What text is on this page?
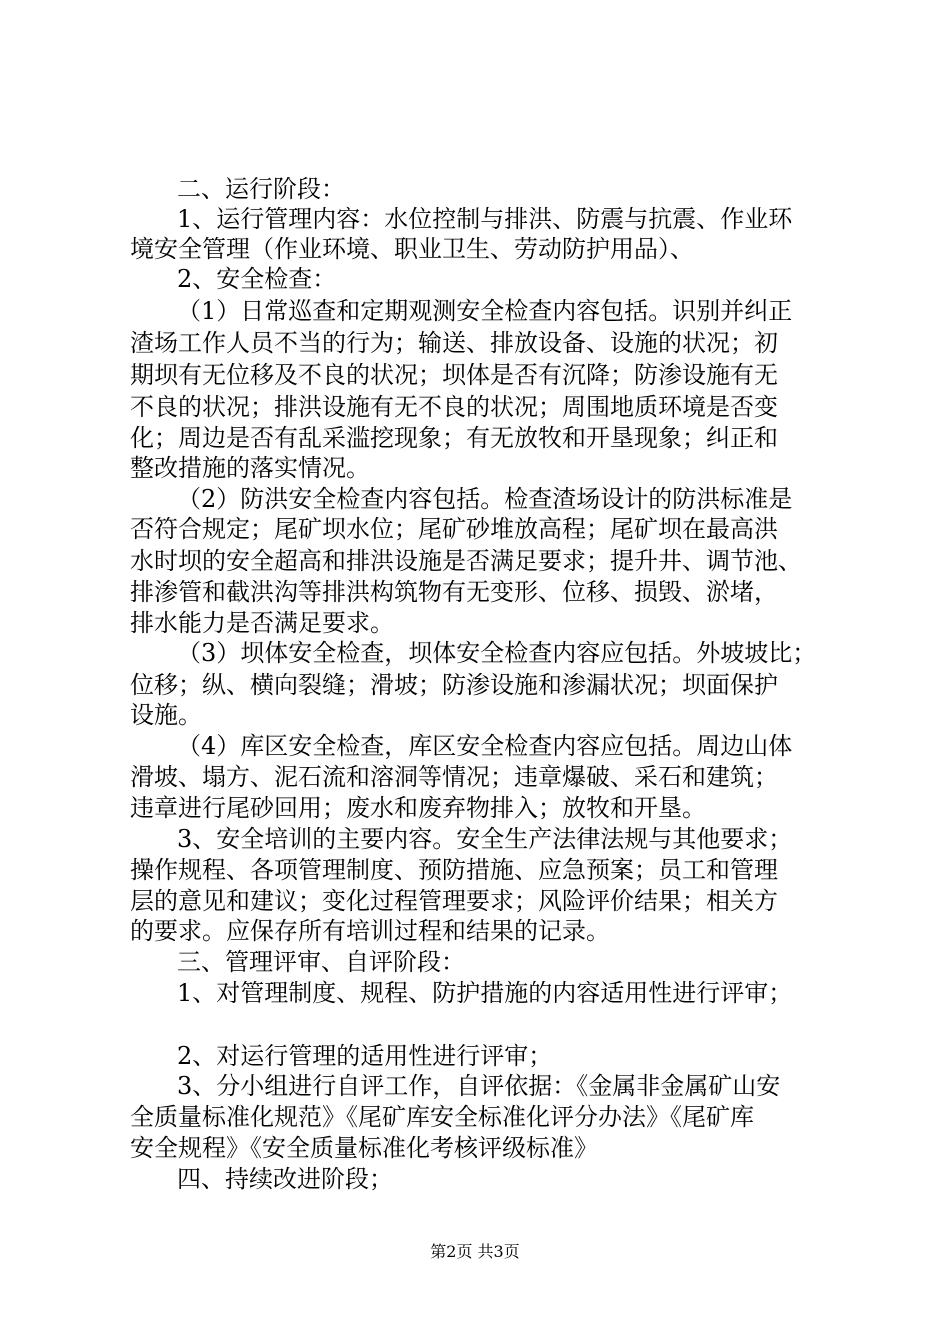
二、运行阶段：
1、运行管理内容：水位控制与排洪、防震与抗震、作业环
境安全管理（作业环境、职业卫生、劳动防护用品）、
2、安全检查：
（1）日常巡查和定期观测安全检查内容包括。识别并纠正
渣场工作人员不当的行为；输送、排放设备、设施的状况；初
期坝有无位移及不良的状况；坝体是否有沉降；防渗设施有无
不良的状况；排洪设施有无不良的状况；周围地质环境是否变
化；周边是否有乱采滥挖现象；有无放牧和开垦现象；纠正和
整改措施的落实情况。
（2）防洪安全检查内容包括。检查渣场设计的防洪标准是
否符合规定；尾矿坝水位；尾矿砂堆放高程；尾矿坝在最高洪
水时坝的安全超高和排洪设施是否满足要求；提升井、调节池、
排渗管和截洪沟等排洪构筑物有无变形、位移、损毁、淤堵，
排水能力是否满足要求。
（3）坝体安全检查，坝体安全检查内容应包括。外坡坡比；
位移；纵、横向裂缝；滑坡；防渗设施和渗漏状况；坝面保护
设施。
（4）库区安全检查，库区安全检查内容应包括。周边山体
滑坡、塌方、泥石流和溶洞等情况；违章爆破、采石和建筑；
违章进行尾砂回用；废水和废弃物排入；放牧和开垦。
3、安全培训的主要内容。安全生产法律法规与其他要求；
操作规程、各项管理制度、预防措施、应急预案；员工和管理
层的意见和建议；变化过程管理要求；风险评价结果；相关方
的要求。应保存所有培训过程和结果的记录。
三、管理评审、自评阶段：
1、对管理制度、规程、防护措施的内容适用性进行评审；
2、对运行管理的适用性进行评审；
3、分小组进行自评工作，自评依据：《金属非金属矿山安
全质量标准化规范》《尾矿库安全标准化评分办法》《尾矿库
安全规程》《安全质量标准化考核评级标准》
四、持续改进阶段；
第2页 共3页
